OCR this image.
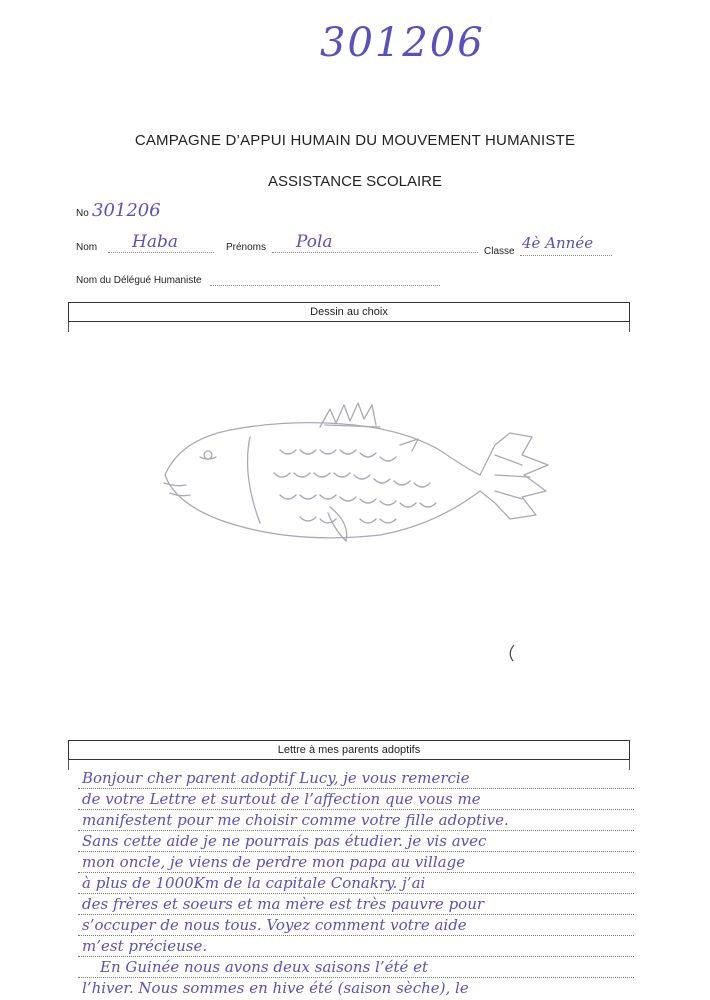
301206
CAMPAGNE D’APPUI HUMAIN DU MOUVEMENT HUMANISTE
ASSISTANCE SCOLAIRE
No 301206
Nom Haba	Prénoms Pola	Classe 4è Année
Nom du Délégué Humaniste
Dessin au choix
Lettre à mes parents adoptifs
Bonjour cher parent adoptif Lucy, je vous remercie
de votre Lettre et surtout de l’affection que vous me
manifestent pour me choisir comme votre fille adoptive.
Sans cette aide je ne pourrais pas étudier. je vis avec
mon oncle, je viens de perdre mon papa au village
à plus de 1000Km de la capitale Conakry. j’ai
des frères et soeurs et ma mère est très pauvre pour
s’occuper de nous tous. Voyez comment votre aide
m’est précieuse.
En Guinée nous avons deux saisons l’été et
l’hiver. Nous sommes en hive été (saison sèche), le
